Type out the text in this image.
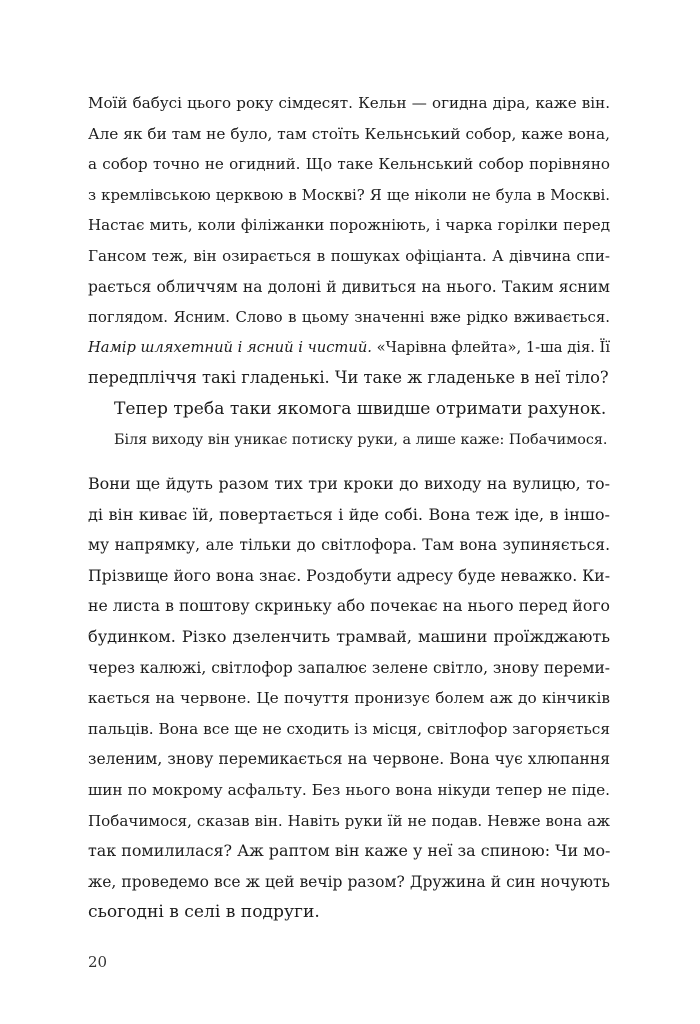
Моїй бабусі цього року сімдесят. Кельн — огидна діра, каже він.
Але як би там не було, там стоїть Кельнський собор, каже вона,
а собор точно не огидний. Що таке Кельнський собор порівняно
з кремлівською церквою в Москві? Я ще ніколи не була в Москві.
Настає мить, коли філіжанки порожніють, і чарка горілки перед
Гансом теж, він озирається в пошуках офіціанта. А дівчина спи-
рається обличчям на долоні й дивиться на нього. Таким ясним
поглядом. Ясним. Слово в цьому значенні вже рідко вживається.
Намір шляхетний і ясний і чистий. «Чарівна флейта», 1-ша дія. Її
передпліччя такі гладенькі. Чи таке ж гладеньке в неї тіло?
Тепер треба таки якомога швидше отримати рахунок.
Біля виходу він уникає потиску руки, а лише каже: Побачимося.
Вони ще йдуть разом тих три кроки до виходу на вулицю, то-
ді він киває їй, повертається і йде собі. Вона теж іде, в іншо-
му напрямку, але тільки до світлофора. Там вона зупиняється.
Прізвище його вона знає. Роздобути адресу буде неважко. Ки-
не листа в поштову скриньку або почекає на нього перед його
будинком. Різко дзеленчить трамвай, машини проїжджають
через калюжі, світлофор запалює зелене світло, знову переми-
кається на червоне. Це почуття пронизує болем аж до кінчиків
пальців. Вона все ще не сходить із місця, світлофор загоряється
зеленим, знову перемикається на червоне. Вона чує хлюпання
шин по мокрому асфальту. Без нього вона нікуди тепер не піде.
Побачимося, сказав він. Навіть руки їй не подав. Невже вона аж
так помилилася? Аж раптом він каже у неї за спиною: Чи мо-
же, проведемо все ж цей вечір разом? Дружина й син ночують
сьогодні в селі в подруги.
20
